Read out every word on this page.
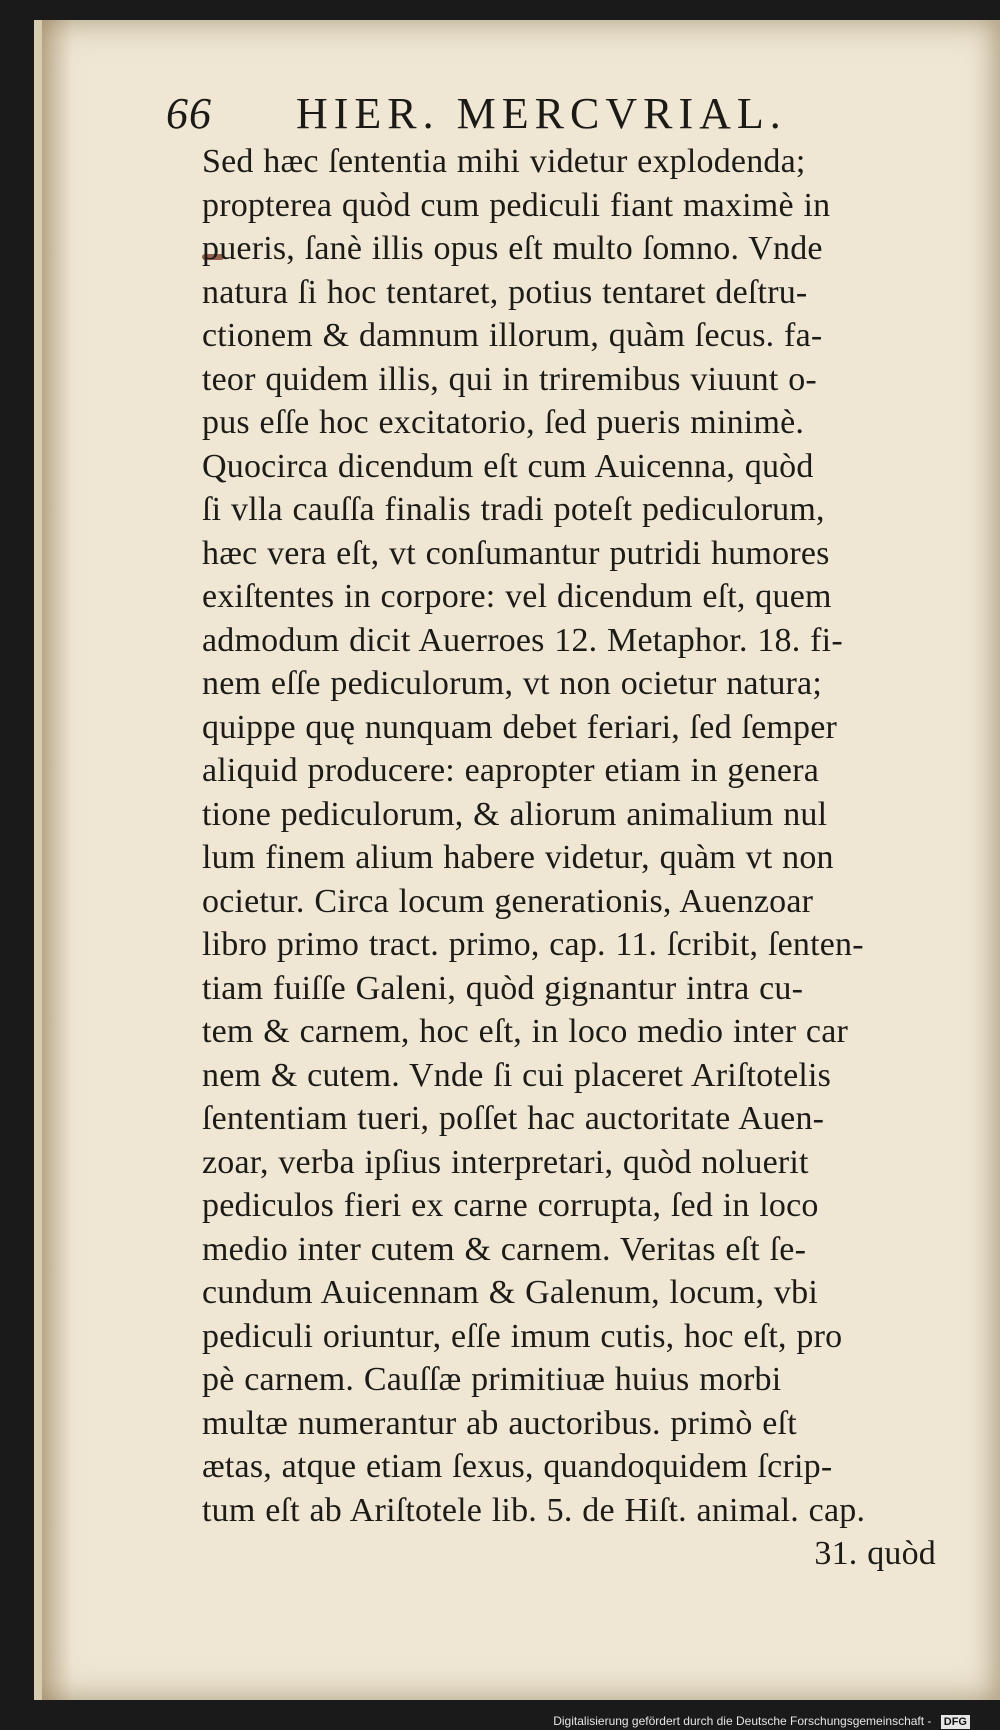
66 HIER. MERCVRIAL.
Sed hæc ſententia mihi videtur explodenda;
propterea quòd cum pediculi fiant maximè in
pueris, ſanè illis opus eſt multo ſomno. Vnde
natura ſi hoc tentaret, potius tentaret deſtru-
ctionem & damnum illorum, quàm ſecus. fa-
teor quidem illis, qui in triremibus viuunt o-
pus eſſe hoc excitatorio, ſed pueris minimè.
Quocirca dicendum eſt cum Auicenna, quòd
ſi vlla cauſſa finalis tradi poteſt pediculorum,
hæc vera eſt, vt conſumantur putridi humores
exiſtentes in corpore: vel dicendum eſt, quem
admodum dicit Auerroes 12. Metaphor. 18. fi-
nem eſſe pediculorum, vt non ocietur natura;
quippe quę nunquam debet feriari, ſed ſemper
aliquid producere: eapropter etiam in genera
tione pediculorum, & aliorum animalium nul
lum finem alium habere videtur, quàm vt non
ocietur. Circa locum generationis, Auenzoar
libro primo tract. primo, cap. 11. ſcribit, ſenten-
tiam fuiſſe Galeni, quòd gignantur intra cu-
tem & carnem, hoc eſt, in loco medio inter car
nem & cutem. Vnde ſi cui placeret Ariſtotelis
ſententiam tueri, poſſet hac auctoritate Auen-
zoar, verba ipſius interpretari, quòd noluerit
pediculos fieri ex carne corrupta, ſed in loco
medio inter cutem & carnem. Veritas eſt ſe-
cundum Auicennam & Galenum, locum, vbi
pediculi oriuntur, eſſe imum cutis, hoc eſt, pro
pè carnem. Cauſſæ primitiuæ huius morbi
multæ numerantur ab auctoribus. primò eſt
ætas, atque etiam ſexus, quandoquidem ſcrip-
tum eſt ab Ariſtotele lib. 5. de Hiſt. animal. cap.
31. quòd
Digitalisierung gefördert durch die Deutsche Forschungsgemeinschaft - DFG
